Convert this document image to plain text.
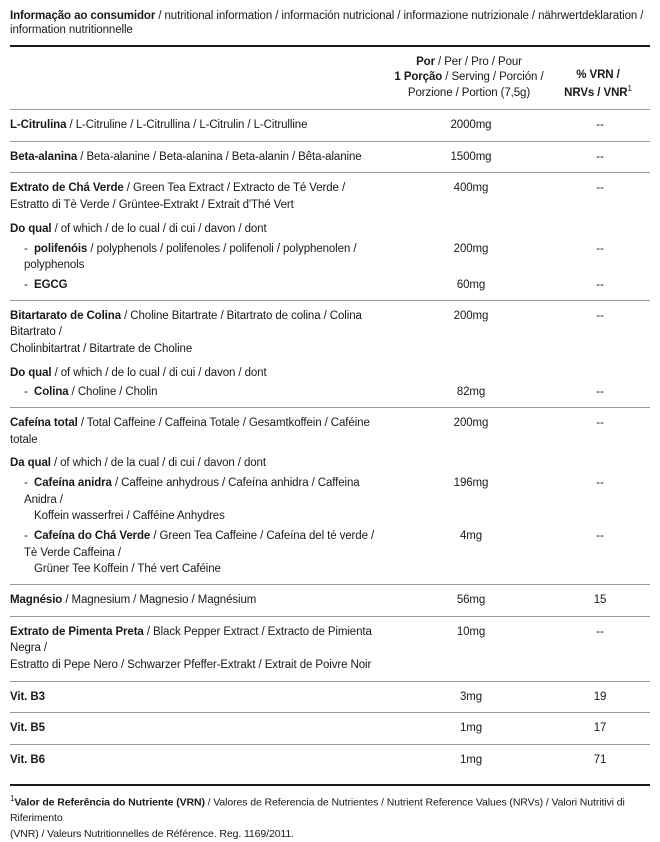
Informação ao consumidor / nutritional information / información nutricional / informazione nutrizionale / nährwertdeklaration / information nutritionnelle

Por / Per / Pro / Pour
1 Porção / Serving / Porción / Porzione / Portion (7,5g)

% VRN /
NRVs / VNR$^1$

L-Citrulina / L-Citruline / L-Citrullina / L-Citrulin / L-Citrulline	2000mg	--
Beta-alanina / Beta-alanine / Beta-alanina / Beta-alanin / Bêta-alanine	1500mg	--
Extrato de Chá Verde / Green Tea Extract / Extracto de Té Verde /
Estratto di Tè Verde / Grüntee-Extrakt / Extrait d'Thé Vert	400mg	--
Do qual / of which / de lo cual / di cui / davon / dont		

- polifenóis / polyphenols / polifenoles / polifenoli / polyphenolen / polyphenols	200mg	--

- EGCG	60mg	--
Bitartarato de Colina / Choline Bitartrate / Bitartrato de colina / Colina Bitartrato /
Cholinbitartrat / Bitartrate de Choline	200mg	--
Do qual / of which / de lo cual / di cui / davon / dont		

- Colina / Choline / Cholin	82mg	--
Cafeína total / Total Caffeine / Caffeina Totale / Gesamtkoffein / Caféine totale	200mg	--
Da qual / of which / de la cual / di cui / davon / dont		

- Cafeína anidra / Caffeine anhydrous / Cafeína anhidra / Caffeina Anidra /
Koffein wasserfrei / Cafféine Anhydres	196mg	--

- Cafeína do Chá Verde / Green Tea Caffeine / Cafeína del té verde / Tè Verde Caffeina /
Grüner Tee Koffein / Thé vert Caféine	4mg	--
Magnésio / Magnesium / Magnesio / Magnésium	56mg	15
Extrato de Pimenta Preta / Black Pepper Extract / Extracto de Pimienta Negra /
Estratto di Pepe Nero / Schwarzer Pfeffer-Extrakt / Extrait de Poivre Noir	10mg	--
Vit. B3	3mg	19
Vit. B5	1mg	17
Vit. B6	1mg	71
$^1$Valor de Referência do Nutriente (VRN) / Valores de Referencia de Nutrientes / Nutrient Reference Values (NRVs) / Valori Nutritivi di Riferimento
(VNR) / Valeurs Nutritionnelles de Référence. Reg. 1169/2011.
